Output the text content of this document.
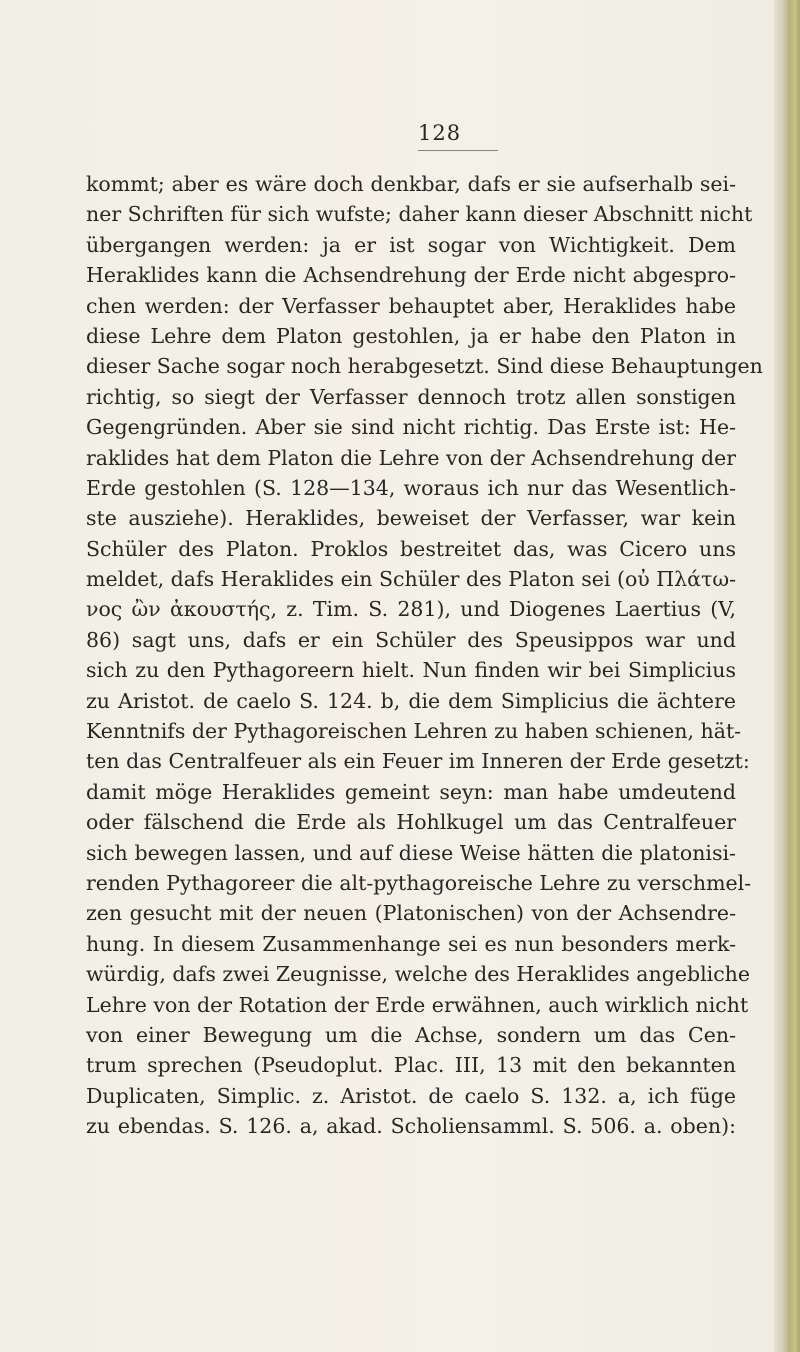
128
kommt; aber es wäre doch denkbar, dafs er sie aufserhalb sei-
ner Schriften für sich wufste; daher kann dieser Abschnitt nicht
übergangen werden: ja er ist sogar von Wichtigkeit. Dem
Heraklides kann die Achsendrehung der Erde nicht abgespro-
chen werden: der Verfasser behauptet aber, Heraklides habe
diese Lehre dem Platon gestohlen, ja er habe den Platon in
dieser Sache sogar noch herabgesetzt. Sind diese Behauptungen
richtig, so siegt der Verfasser dennoch trotz allen sonstigen
Gegengründen. Aber sie sind nicht richtig. Das Erste ist: He-
raklides hat dem Platon die Lehre von der Achsendrehung der
Erde gestohlen (S. 128—134, woraus ich nur das Wesentlich-
ste ausziehe). Heraklides, beweiset der Verfasser, war kein
Schüler des Platon. Proklos bestreitet das, was Cicero uns
meldet, dafs Heraklides ein Schüler des Platon sei (οὐ Πλάτω-
νος ὢν ἀκουστής, z. Tim. S. 281), und Diogenes Laertius (V,
86) sagt uns, dafs er ein Schüler des Speusippos war und
sich zu den Pythagoreern hielt. Nun finden wir bei Simplicius
zu Aristot. de caelo S. 124. b, die dem Simplicius die ächtere
Kenntnifs der Pythagoreischen Lehren zu haben schienen, hät-
ten das Centralfeuer als ein Feuer im Inneren der Erde gesetzt:
damit möge Heraklides gemeint seyn: man habe umdeutend
oder fälschend die Erde als Hohlkugel um das Centralfeuer
sich bewegen lassen, und auf diese Weise hätten die platonisi-
renden Pythagoreer die alt-pythagoreische Lehre zu verschmel-
zen gesucht mit der neuen (Platonischen) von der Achsendre-
hung. In diesem Zusammenhange sei es nun besonders merk-
würdig, dafs zwei Zeugnisse, welche des Heraklides angebliche
Lehre von der Rotation der Erde erwähnen, auch wirklich nicht
von einer Bewegung um die Achse, sondern um das Cen-
trum sprechen (Pseudoplut. Plac. III, 13 mit den bekannten
Duplicaten, Simplic. z. Aristot. de caelo S. 132. a, ich füge
zu ebendas. S. 126. a, akad. Scholiensamml. S. 506. a. oben):
